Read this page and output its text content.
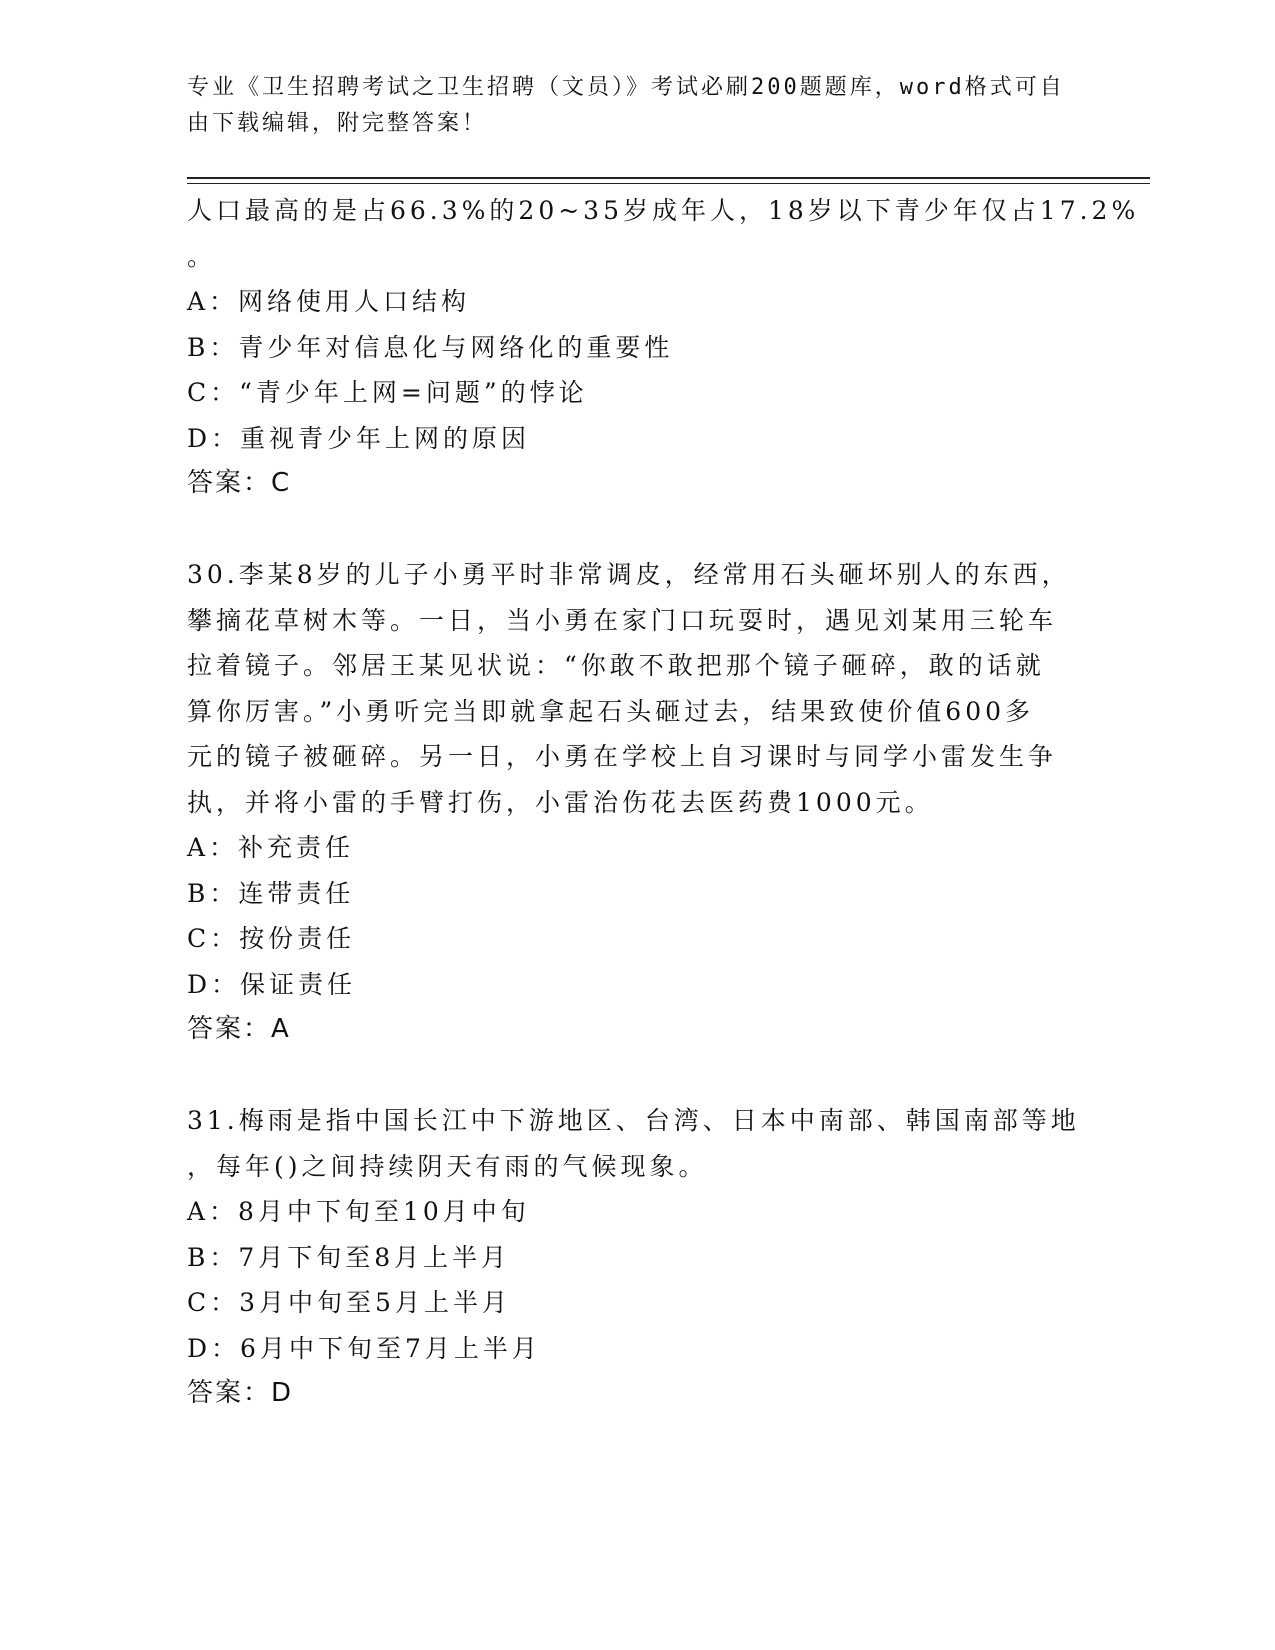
专业《卫生招聘考试之卫生招聘（文员）》考试必刷200题题库，word格式可自
由下载编辑，附完整答案！
人口最高的是占66.3%的20~35岁成年人，18岁以下青少年仅占17.2%
。
A：网络使用人口结构
B：青少年对信息化与网络化的重要性
C：“青少年上网=问题”的悖论
D：重视青少年上网的原因
答案：C
30.李某8岁的儿子小勇平时非常调皮，经常用石头砸坏别人的东西，
攀摘花草树木等。一日，当小勇在家门口玩耍时，遇见刘某用三轮车
拉着镜子。邻居王某见状说：“你敢不敢把那个镜子砸碎，敢的话就
算你厉害。”小勇听完当即就拿起石头砸过去，结果致使价值600多
元的镜子被砸碎。另一日，小勇在学校上自习课时与同学小雷发生争
执，并将小雷的手臂打伤，小雷治伤花去医药费1000元。
A：补充责任
B：连带责任
C：按份责任
D：保证责任
答案：A
31.梅雨是指中国长江中下游地区、台湾、日本中南部、韩国南部等地
，每年()之间持续阴天有雨的气候现象。
A：8月中下旬至10月中旬
B：7月下旬至8月上半月
C：3月中旬至5月上半月
D：6月中下旬至7月上半月
答案：D
